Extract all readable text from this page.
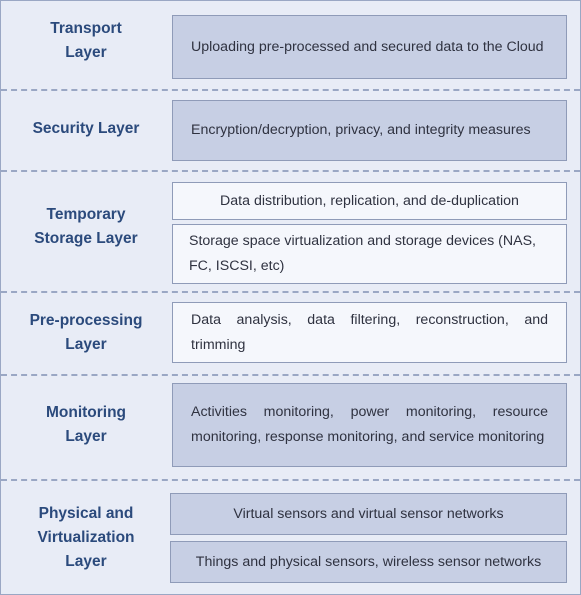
Transport
Layer	Uploading pre-processed and secured data to the Cloud
Security Layer	Encryption/decryption, privacy, and integrity measures
Temporary
Storage Layer
Data distribution, replication, and de-duplication
Storage space virtualization and storage devices (NAS, FC, ISCSI, etc)
Pre-processing
Layer
Data analysis, data filtering, reconstruction, and trimming
Monitoring
Layer
Activities monitoring, power monitoring, resource monitoring, response monitoring, and service monitoring
Physical and
Virtualization
Layer
Virtual sensors and virtual sensor networks
Things and physical sensors, wireless sensor networks
